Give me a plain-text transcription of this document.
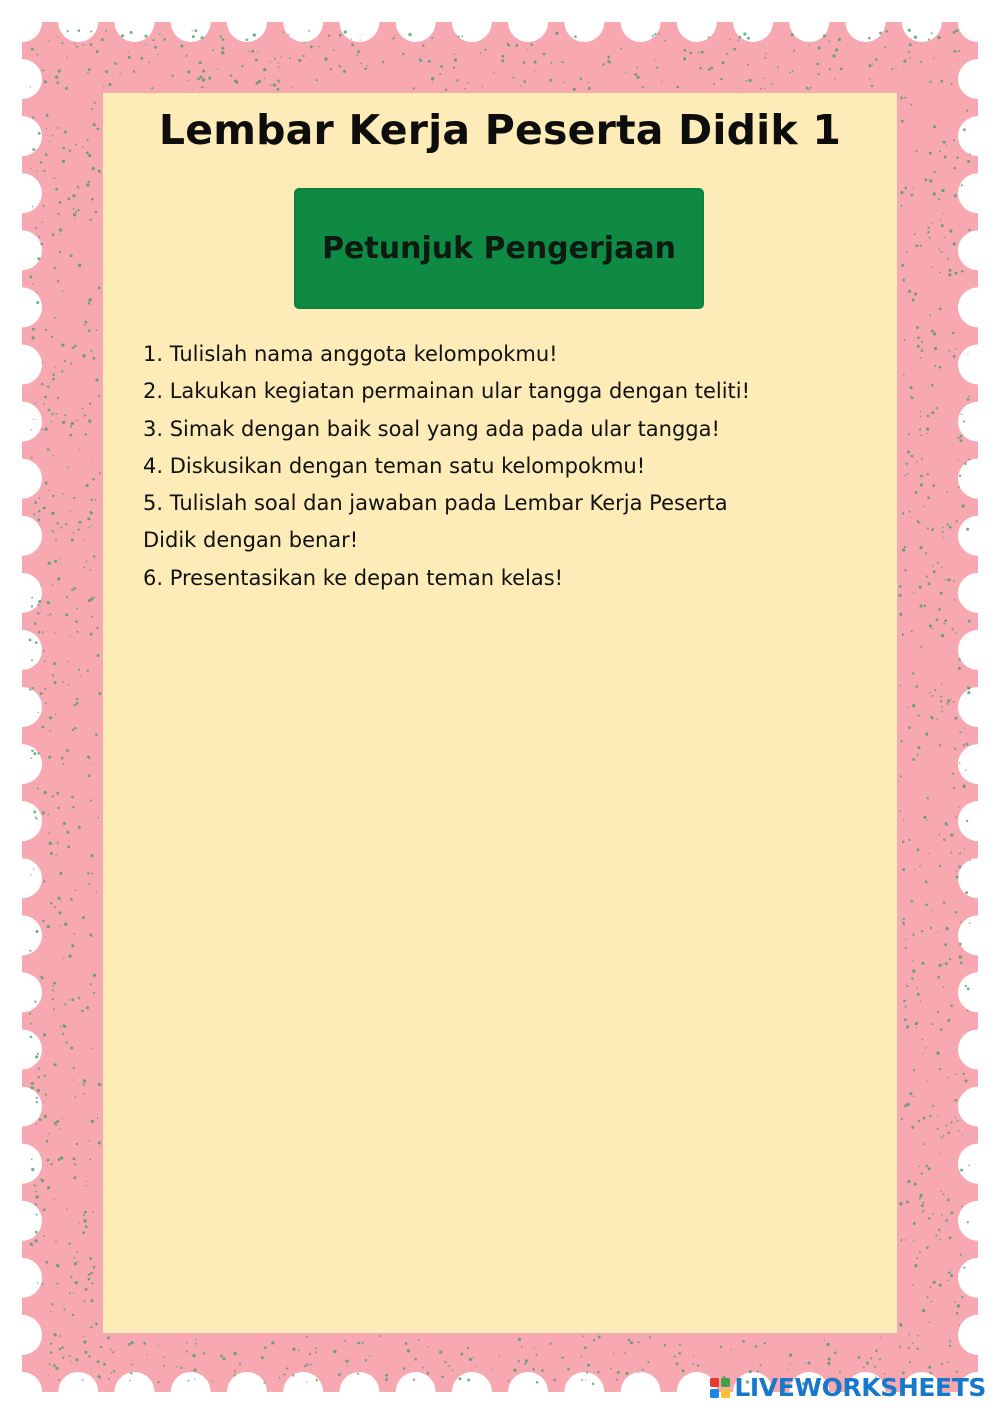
Lembar Kerja Peserta Didik 1
Petunjuk Pengerjaan
1. Tulislah nama anggota kelompokmu!
2. Lakukan kegiatan permainan ular tangga dengan teliti!
3. Simak dengan baik soal yang ada pada ular tangga!
4. Diskusikan dengan teman satu kelompokmu!
5. Tulislah soal dan jawaban pada Lembar Kerja Peserta
Didik dengan benar!
6. Presentasikan ke depan teman kelas!
LIVEWORKSHEETS
